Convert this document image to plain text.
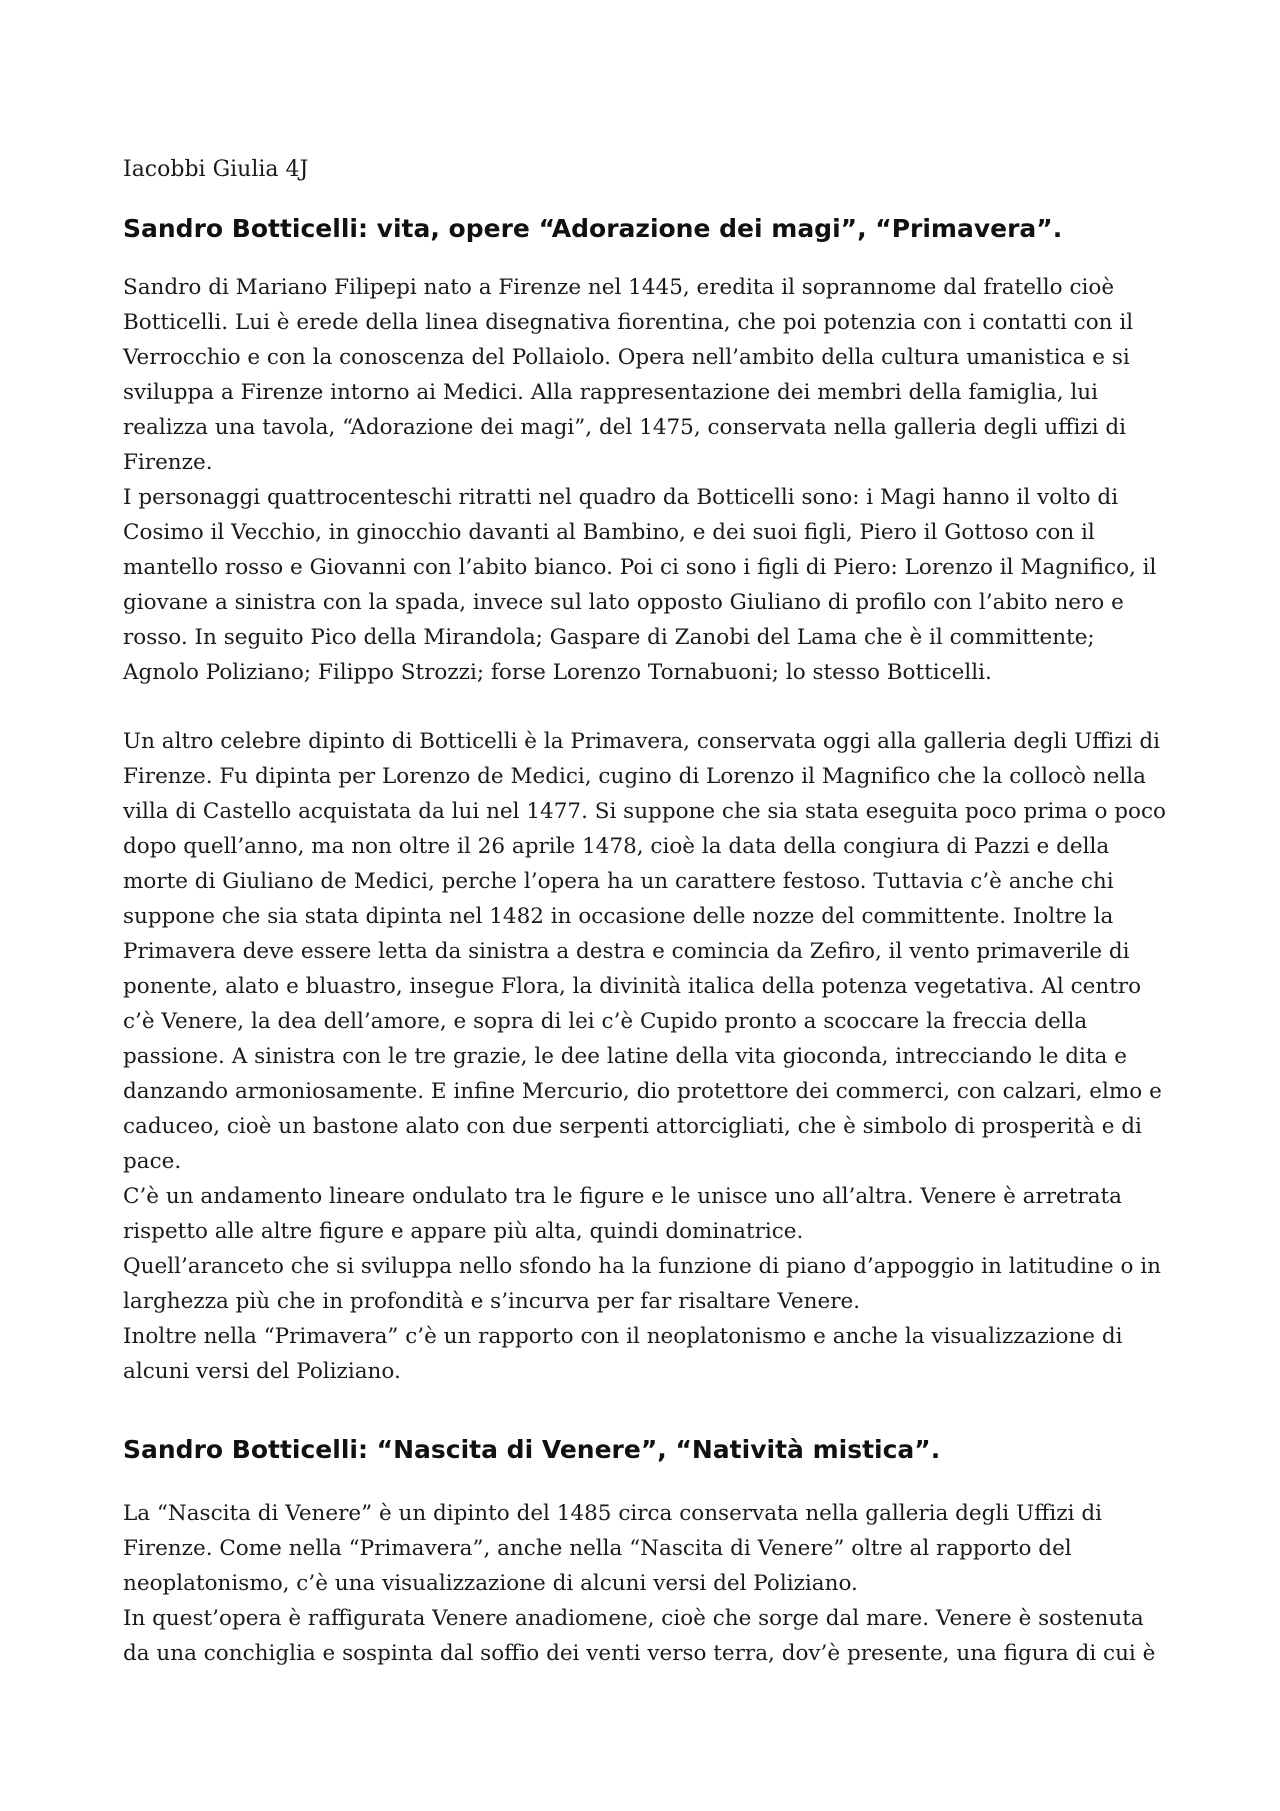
Iacobbi Giulia 4J
Sandro Botticelli: vita, opere “Adorazione dei magi”, “Primavera”.

Sandro di Mariano Filipepi nato a Firenze nel 1445, eredita il soprannome dal fratello cioè Botticelli. Lui è erede della linea disegnativa fiorentina, che poi potenzia con i contatti con il Verrocchio e con la conoscenza del Pollaiolo. Opera nell’ambito della cultura umanistica e si sviluppa a Firenze intorno ai Medici. Alla rappresentazione dei membri della famiglia, lui realizza una tavola, “Adorazione dei magi”, del 1475, conservata nella galleria degli uffizi di Firenze.

I personaggi quattrocenteschi ritratti nel quadro da Botticelli sono: i Magi hanno il volto di Cosimo il Vecchio, in ginocchio davanti al Bambino, e dei suoi figli, Piero il Gottoso con il mantello rosso e Giovanni con l’abito bianco. Poi ci sono i figli di Piero: Lorenzo il Magnifico, il giovane a sinistra con la spada, invece sul lato opposto Giuliano di profilo con l’abito nero e rosso. In seguito Pico della Mirandola; Gaspare di Zanobi del Lama che è il committente; Agnolo Poliziano; Filippo Strozzi; forse Lorenzo Tornabuoni; lo stesso Botticelli.

Un altro celebre dipinto di Botticelli è la Primavera, conservata oggi alla galleria degli Uffizi di Firenze. Fu dipinta per Lorenzo de Medici, cugino di Lorenzo il Magnifico che la collocò nella villa di Castello acquistata da lui nel 1477. Si suppone che sia stata eseguita poco prima o poco dopo quell’anno, ma non oltre il 26 aprile 1478, cioè la data della congiura di Pazzi e della morte di Giuliano de Medici, perche l’opera ha un carattere festoso. Tuttavia c’è anche chi suppone che sia stata dipinta nel 1482 in occasione delle nozze del committente. Inoltre la Primavera deve essere letta da sinistra a destra e comincia da Zefiro, il vento primaverile di ponente, alato e bluastro, insegue Flora, la divinità italica della potenza vegetativa. Al centro c’è Venere, la dea dell’amore, e sopra di lei c’è Cupido pronto a scoccare la freccia della passione. A sinistra con le tre grazie, le dee latine della vita gioconda, intrecciando le dita e danzando armoniosamente. E infine Mercurio, dio protettore dei commerci, con calzari, elmo e caduceo, cioè un bastone alato con due serpenti attorcigliati, che è simbolo di prosperità e di pace.

C’è un andamento lineare ondulato tra le figure e le unisce uno all’altra. Venere è arretrata rispetto alle altre figure e appare più alta, quindi dominatrice.

Quell’aranceto che si sviluppa nello sfondo ha la funzione di piano d’appoggio in latitudine o in larghezza più che in profondità e s’incurva per far risaltare Venere.

Inoltre nella “Primavera” c’è un rapporto con il neoplatonismo e anche la visualizzazione di alcuni versi del Poliziano.

Sandro Botticelli: “Nascita di Venere”, “Natività mistica”.

La “Nascita di Venere” è un dipinto del 1485 circa conservata nella galleria degli Uffizi di Firenze. Come nella “Primavera”, anche nella “Nascita di Venere” oltre al rapporto del neoplatonismo, c’è una visualizzazione di alcuni versi del Poliziano.

In quest’opera è raffigurata Venere anadiomene, cioè che sorge dal mare. Venere è sostenuta da una conchiglia e sospinta dal soffio dei venti verso terra, dov’è presente, una figura di cui è
